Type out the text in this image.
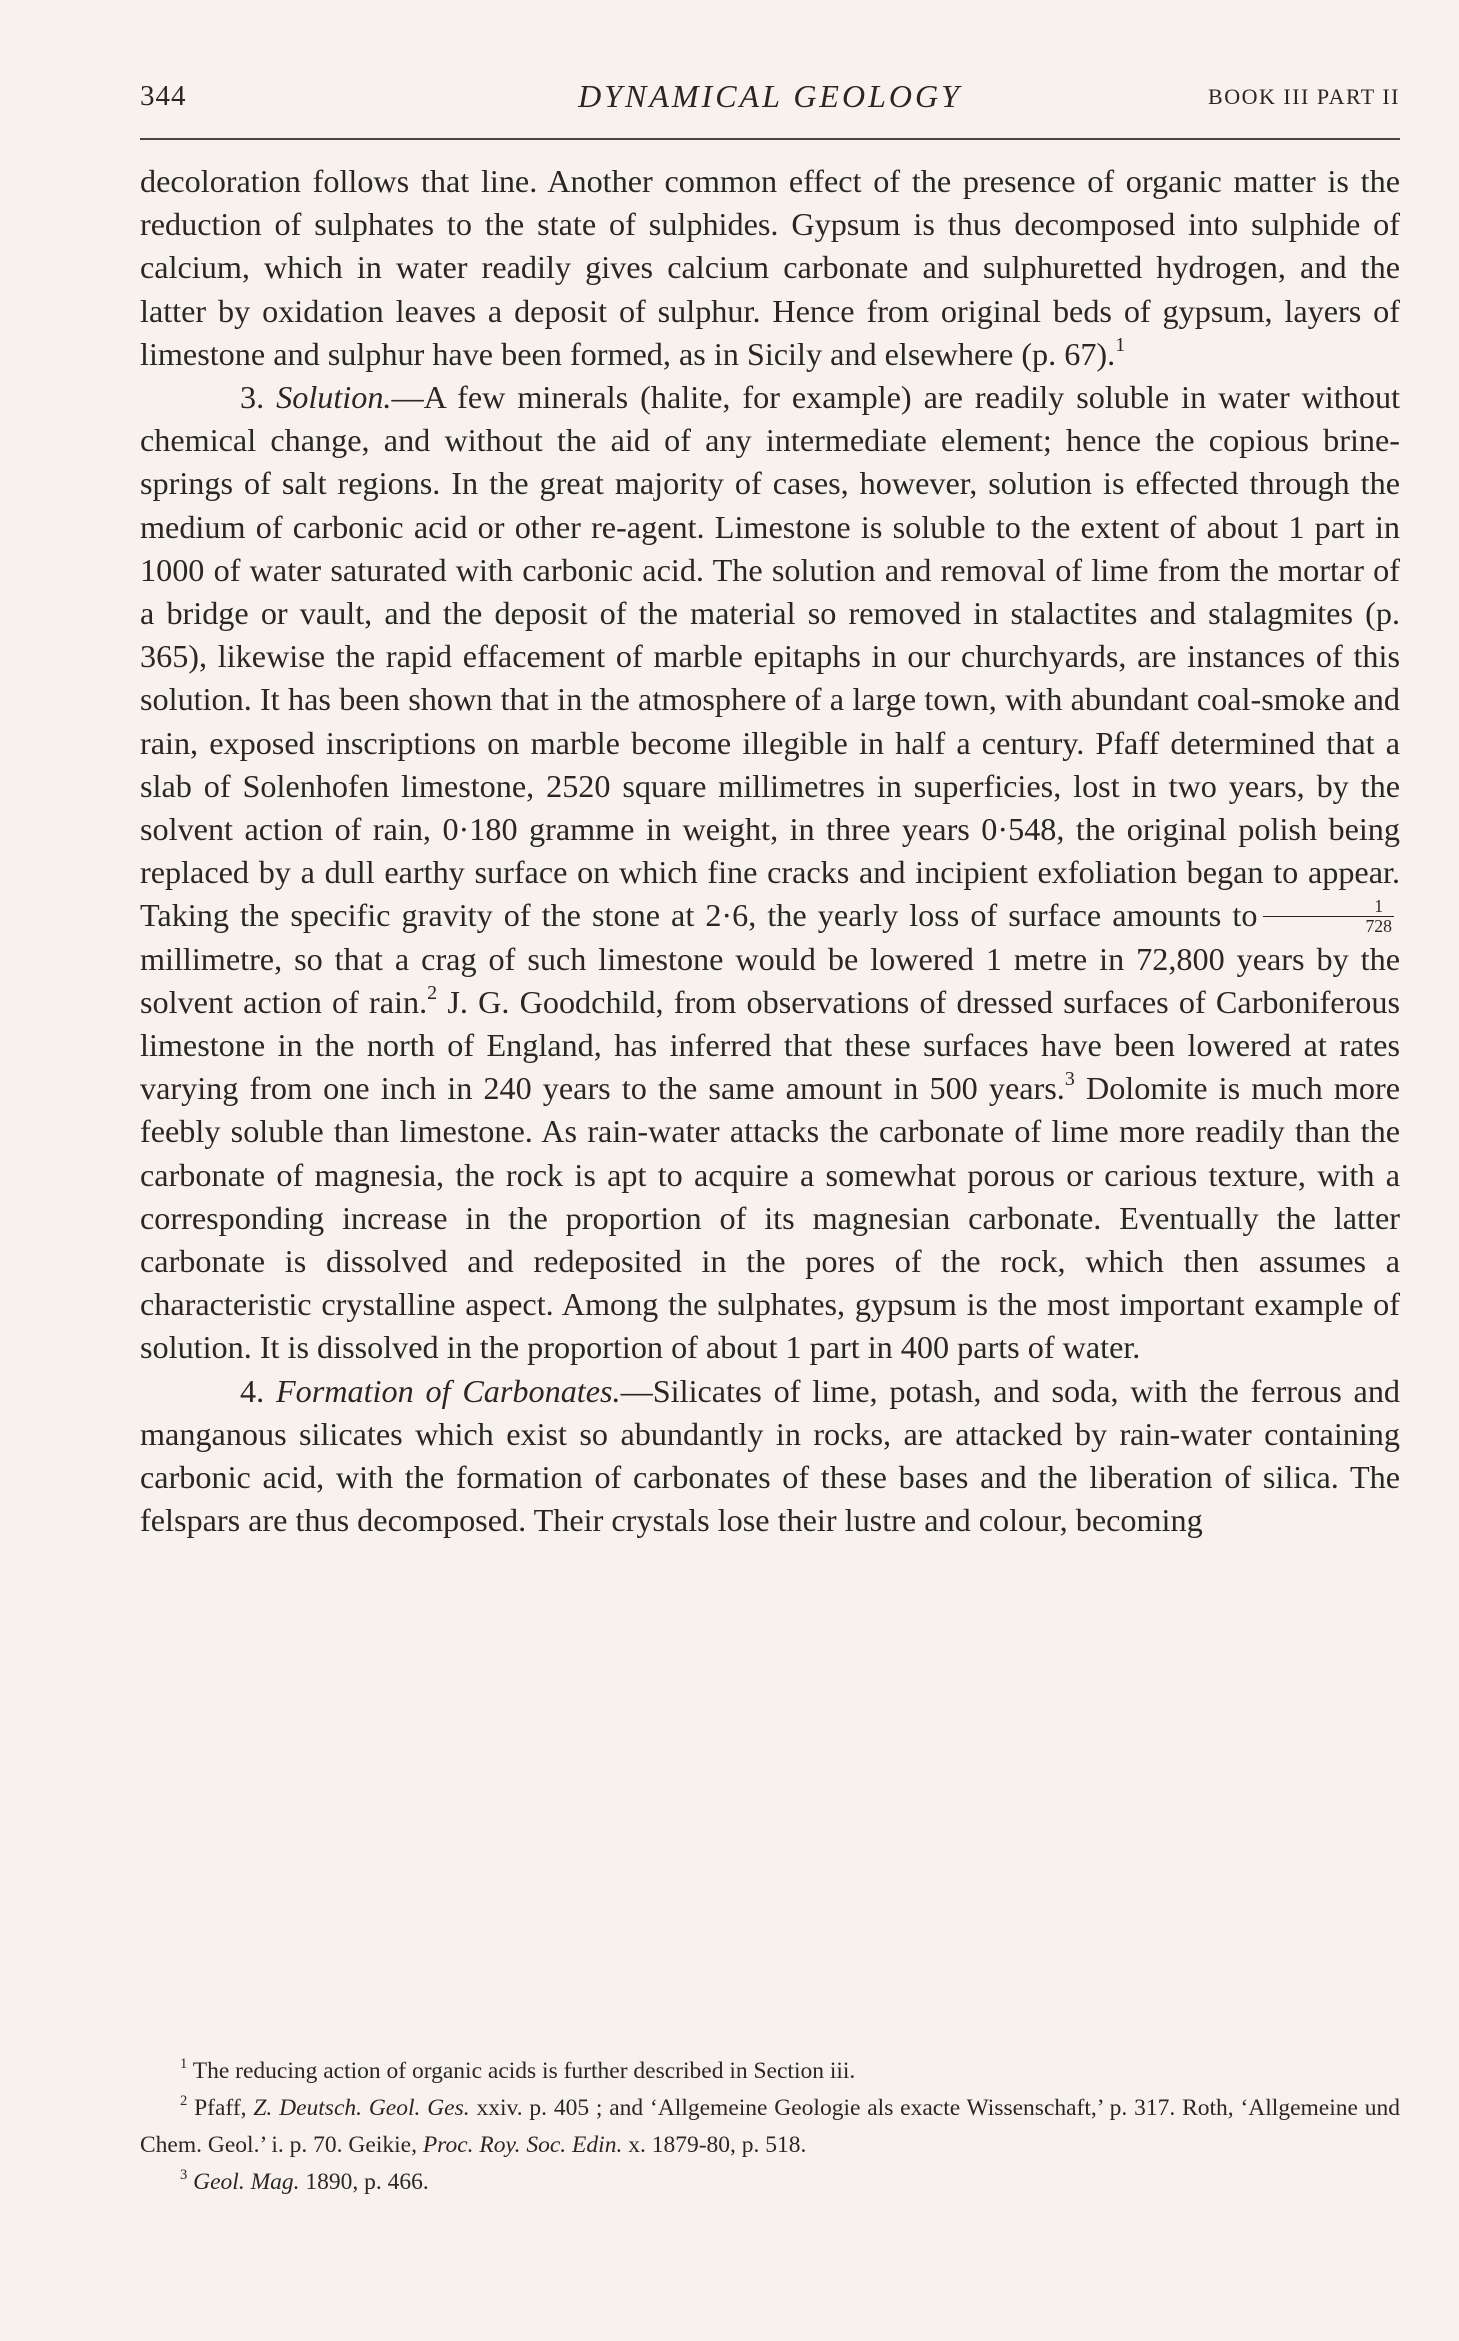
344	DYNAMICAL GEOLOGY	BOOK III PART II

decoloration follows that line. Another common effect of the presence of organic matter is the reduction of sulphates to the state of sulphides. Gypsum is thus decomposed into sulphide of calcium, which in water readily gives calcium carbonate and sulphuretted hydrogen, and the latter by oxidation leaves a deposit of sulphur. Hence from original beds of gypsum, layers of limestone and sulphur have been formed, as in Sicily and elsewhere (p. 67).$^1$

3. Solution.—A few minerals (halite, for example) are readily soluble in water without chemical change, and without the aid of any intermediate element; hence the copious brine-springs of salt regions. In the great majority of cases, however, solution is effected through the medium of carbonic acid or other re-agent. Limestone is soluble to the extent of about 1 part in 1000 of water saturated with carbonic acid. The solution and removal of lime from the mortar of a bridge or vault, and the deposit of the material so removed in stalactites and stalagmites (p. 365), likewise the rapid effacement of marble epitaphs in our churchyards, are instances of this solution. It has been shown that in the atmosphere of a large town, with abundant coal-smoke and rain, exposed inscriptions on marble become illegible in half a century. Pfaff determined that a slab of Solenhofen limestone, 2520 square millimetres in superficies, lost in two years, by the solvent action of rain, 0·180 gramme in weight, in three years 0·548, the original polish being replaced by a dull earthy surface on which fine cracks and incipient exfoliation began to appear. Taking the specific gravity of the stone at 2·6, the yearly loss of surface amounts to $\frac{1}{728}$
millimetre, so that a crag of such limestone would be lowered 1 metre in 72,800 years by the solvent action of rain.$^2$ J. G. Goodchild, from observations of dressed surfaces of Carboniferous limestone in the north of England, has inferred that these surfaces have been lowered at rates varying from one inch in 240 years to the same amount in 500 years.$^3$ Dolomite is much more feebly soluble than limestone. As rain-water attacks the carbonate of lime more readily than the carbonate of magnesia, the rock is apt to acquire a somewhat porous or carious texture, with a corresponding increase in the proportion of its magnesian carbonate. Eventually the latter carbonate is dissolved and redeposited in the pores of the rock, which then assumes a characteristic crystalline aspect. Among the sulphates, gypsum is the most important example of solution. It is dissolved in the proportion of about 1 part in 400 parts of water.

4. Formation of Carbonates.—Silicates of lime, potash, and soda, with the ferrous and manganous silicates which exist so abundantly in rocks, are attacked by rain-water containing carbonic acid, with the formation of carbonates of these bases and the liberation of silica. The felspars are thus decomposed. Their crystals lose their lustre and colour, becoming

$^1$ The reducing action of organic acids is further described in Section iii.

$^2$ Pfaff, Z. Deutsch. Geol. Ges. xxiv. p. 405 ; and ‘Allgemeine Geologie als exacte Wissenschaft,’ p. 317. Roth, ‘Allgemeine und Chem. Geol.’ i. p. 70. Geikie, Proc. Roy. Soc. Edin. x. 1879-80, p. 518.

$^3$ Geol. Mag. 1890, p. 466.
